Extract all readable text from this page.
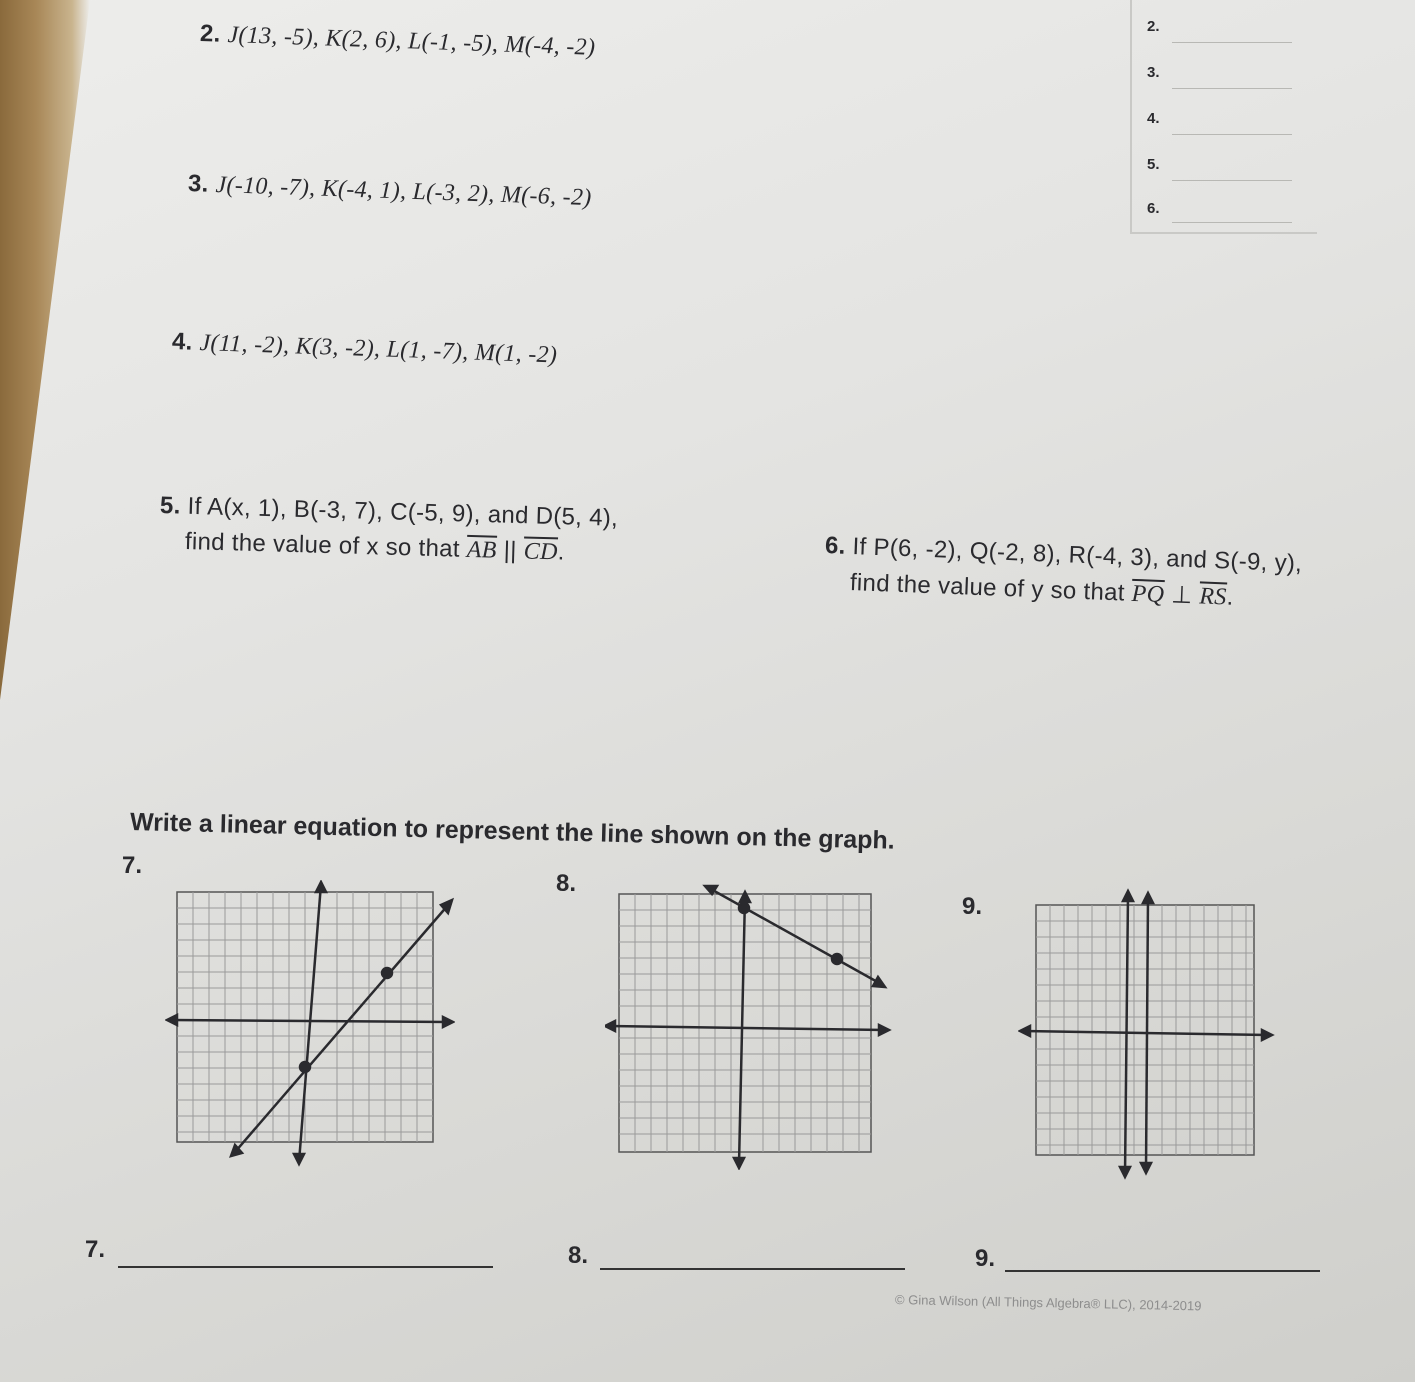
2. J(13, -5), K(2, 6), L(-1, -5), M(-4, -2)
3. J(-10, -7), K(-4, 1), L(-3, 2), M(-6, -2)
4. J(11, -2), K(3, -2), L(1, -7), M(1, -2)
5. If A(x, 1), B(-3, 7), C(-5, 9), and D(5, 4),
find the value of x so that $\overline{AB}$ || $\overline{CD}$.	6. If P(6, -2), Q(-2, 8), R(-4, 3), and S(-9, y),
find the value of y so that $\overline{PQ}$ ⊥ $\overline{RS}$.
2.
3.
4.
5.
6.
Write a linear equation to represent the line shown on the graph.
7.
8.
9.
7.	8.	9.
© Gina Wilson (All Things Algebra® LLC), 2014-2019
